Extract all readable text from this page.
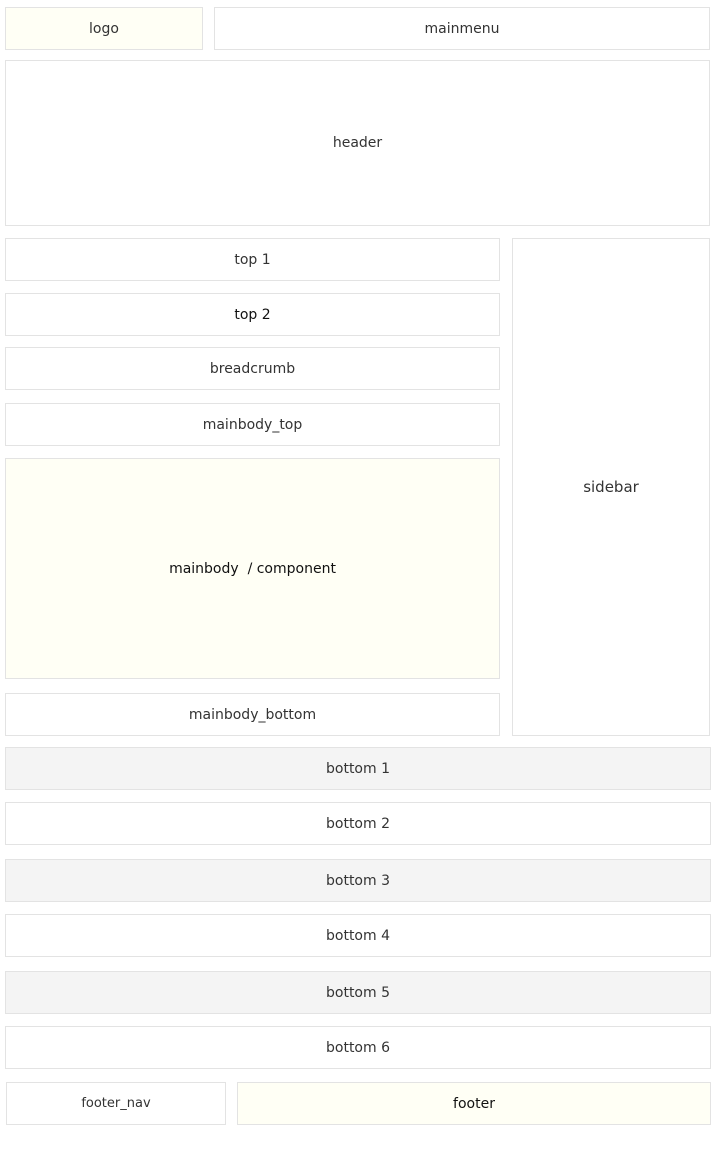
logo	mainmenu
header
top 1
top 2
breadcrumb
mainbody_top
mainbody  / component
mainbody_bottom
sidebar
bottom 1
bottom 2
bottom 3
bottom 4
bottom 5
bottom 6
footer_nav	footer
